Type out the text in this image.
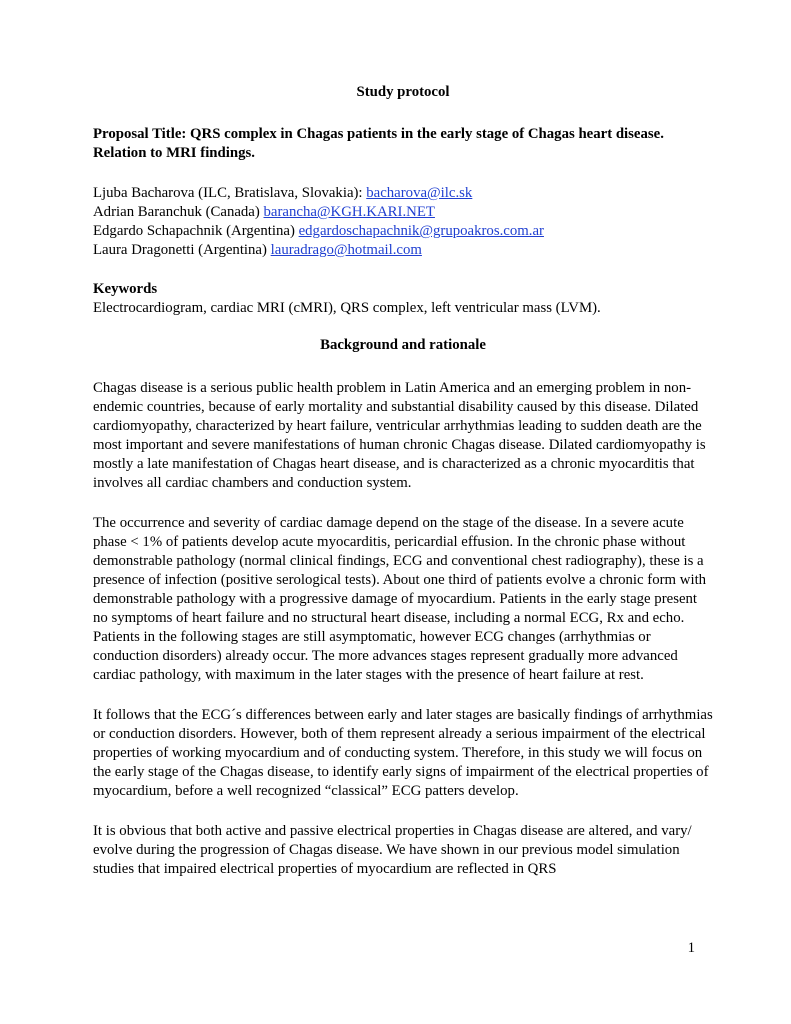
Study protocol
Proposal Title: QRS complex in Chagas patients in the early stage of Chagas heart disease. Relation to MRI findings.
Ljuba Bacharova (ILC, Bratislava, Slovakia): bacharova@ilc.sk
Adrian Baranchuk (Canada) barancha@KGH.KARI.NET
Edgardo Schapachnik (Argentina) edgardoschapachnik@grupoakros.com.ar
Laura Dragonetti (Argentina) lauradrago@hotmail.com
Keywords
Electrocardiogram, cardiac MRI (cMRI), QRS complex, left ventricular mass (LVM).
Background and rationale

Chagas disease is a serious public health problem in Latin America and an emerging problem in non-endemic countries, because of early mortality and substantial disability caused by this disease. Dilated cardiomyopathy, characterized by heart failure, ventricular arrhythmias leading to sudden death are the most important and severe manifestations of human chronic Chagas disease. Dilated cardiomyopathy is mostly a late manifestation of Chagas heart disease, and is characterized as a chronic myocarditis that involves all cardiac chambers and conduction system.

The occurrence and severity of cardiac damage depend on the stage of the disease. In a severe acute phase < 1% of patients develop acute myocarditis, pericardial effusion. In the chronic phase without demonstrable pathology (normal clinical findings, ECG and conventional chest radiography), these is a presence of infection (positive serological tests). About one third of patients evolve a chronic form with demonstrable pathology with a progressive damage of myocardium. Patients in the early stage present no symptoms of heart failure and no structural heart disease, including a normal ECG, Rx and echo. Patients in the following stages are still asymptomatic, however ECG changes (arrhythmias or conduction disorders) already occur. The more advances stages represent gradually more advanced cardiac pathology, with maximum in the later stages with the presence of heart failure at rest.

It follows that the ECG´s differences between early and later stages are basically findings of arrhythmias or conduction disorders. However, both of them represent already a serious impairment of the electrical properties of working myocardium and of conducting system. Therefore, in this study we will focus on the early stage of the Chagas disease, to identify early signs of impairment of the electrical properties of myocardium, before a well recognized “classical” ECG patters develop.

It is obvious that both active and passive electrical properties in Chagas disease are altered, and vary/ evolve during the progression of Chagas disease. We have shown in our previous model simulation studies that impaired electrical properties of myocardium are reflected in QRS

1
